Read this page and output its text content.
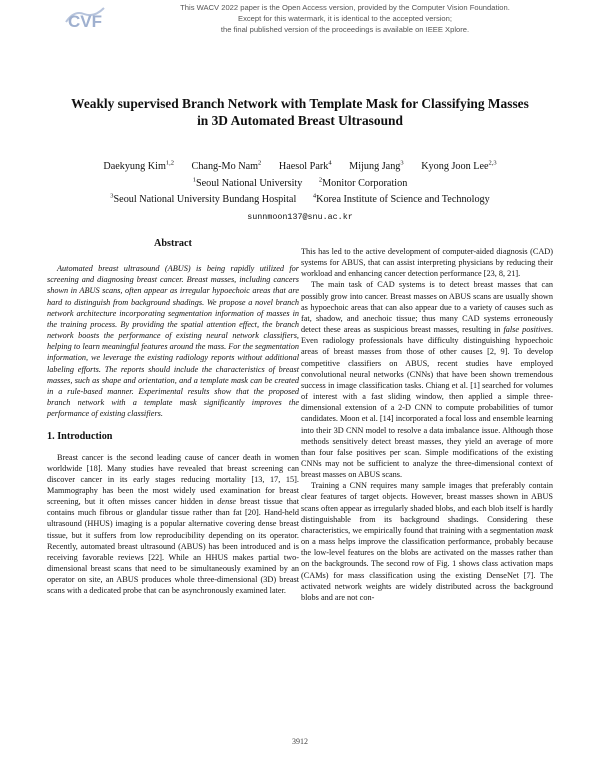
CVF
This WACV 2022 paper is the Open Access version, provided by the Computer Vision Foundation.
Except for this watermark, it is identical to the accepted version;
the final published version of the proceedings is available on IEEE Xplore.
Weakly supervised Branch Network with Template Mask for Classifying Masses
in 3D Automated Breast Ultrasound
Daekyung Kim$^{1,2}$ Chang-Mo Nam$^2$ Haesol Park$^4$ Mijung Jang$^3$ Kyong Joon Lee$^{2,3}$
$^1$Seoul National University	$^2$Monitor Corporation
$^3$Seoul National University Bundang Hospital	$^4$Korea Institute of Science and Technology
sunnmoon137@snu.ac.kr
Abstract

Automated breast ultrasound (ABUS) is being rapidly utilized for screening and diagnosing breast cancer. Breast masses, including cancers shown in ABUS scans, often appear as irregular hypoechoic areas that are hard to distinguish from background shadings. We propose a novel branch network architecture incorporating segmentation information of masses in the training process. By providing the spatial attention effect, the branch network boosts the performance of existing neural network classifiers, helping to learn meaningful features around the mass. For the segmentation information, we leverage the existing radiology reports without additional labeling efforts. The reports should include the characteristics of breast masses, such as shape and orientation, and a template mask can be created in a rule-based manner. Experimental results show that the proposed branch network with a template mask significantly improves the performance of existing classifiers.

1. Introduction

Breast cancer is the second leading cause of cancer death in women worldwide [18]. Many studies have revealed that breast screening can discover cancer in its early stages reducing mortality [13, 17, 15]. Mammography has been the most widely used examination for breast screening, but it often misses cancer hidden in dense breast tissue that contains much fibrous or glandular tissue rather than fat [20]. Hand-held ultrasound (HHUS) imaging is a popular alternative covering dense breast tissue, but it suffers from low reproducibility depending on its operator. Recently, automated breast ultrasound (ABUS) has been introduced and is receiving favorable reviews [22]. While an HHUS makes partial two-dimensional breast scans that need to be simultaneously examined by an operator on site, an ABUS produces whole three-dimensional (3D) breast scans with a dedicated probe that can be asynchronously examined later.

This has led to the active development of computer-aided diagnosis (CAD) systems for ABUS, that can assist interpreting physicians by reducing their workload and enhancing cancer detection performance [23, 8, 21].

The main task of CAD systems is to detect breast masses that can possibly grow into cancer. Breast masses on ABUS scans are usually shown as hypoechoic areas that can also appear due to a variety of causes such as fat, shadow, and anechoic tissue; thus many CAD systems erroneously detect these areas as suspicious breast masses, resulting in false positives. Even radiology professionals have difficulty distinguishing hypoechoic areas of breast masses from those of other causes [2, 9]. To develop competitive classifiers on ABUS, recent studies have employed convolutional neural networks (CNNs) that have been shown tremendous success in image classification tasks. Chiang et al. [1] searched for volumes of interest with a fast sliding window, then applied a simple three-dimensional extension of a 2-D CNN to compute probabilities of tumor candidates. Moon et al. [14] incorporated a focal loss and ensemble learning into their 3D CNN model to resolve a data imbalance issue. Although those methods sensitively detect breast masses, they yield an average of more than four false positives per scan. Simple modifications of the existing CNNs may not be sufficient to analyze the three-dimensional context of breast masses on ABUS scans.

Training a CNN requires many sample images that preferably contain clear features of target objects. However, breast masses shown in ABUS scans often appear as irregularly shaded blobs, and each blob itself is hardly distinguishable from its background shadings. Considering these characteristics, we empirically found that training with a segmentation mask on a mass helps improve the classification performance, probably because the low-level features on the blobs are activated on the masses rather than on the backgrounds. The second row of Fig. 1 shows class activation maps (CAMs) for mass classification using the existing DenseNet [7]. The activated network weights are widely distributed across the background blobs and are not con-

3912
